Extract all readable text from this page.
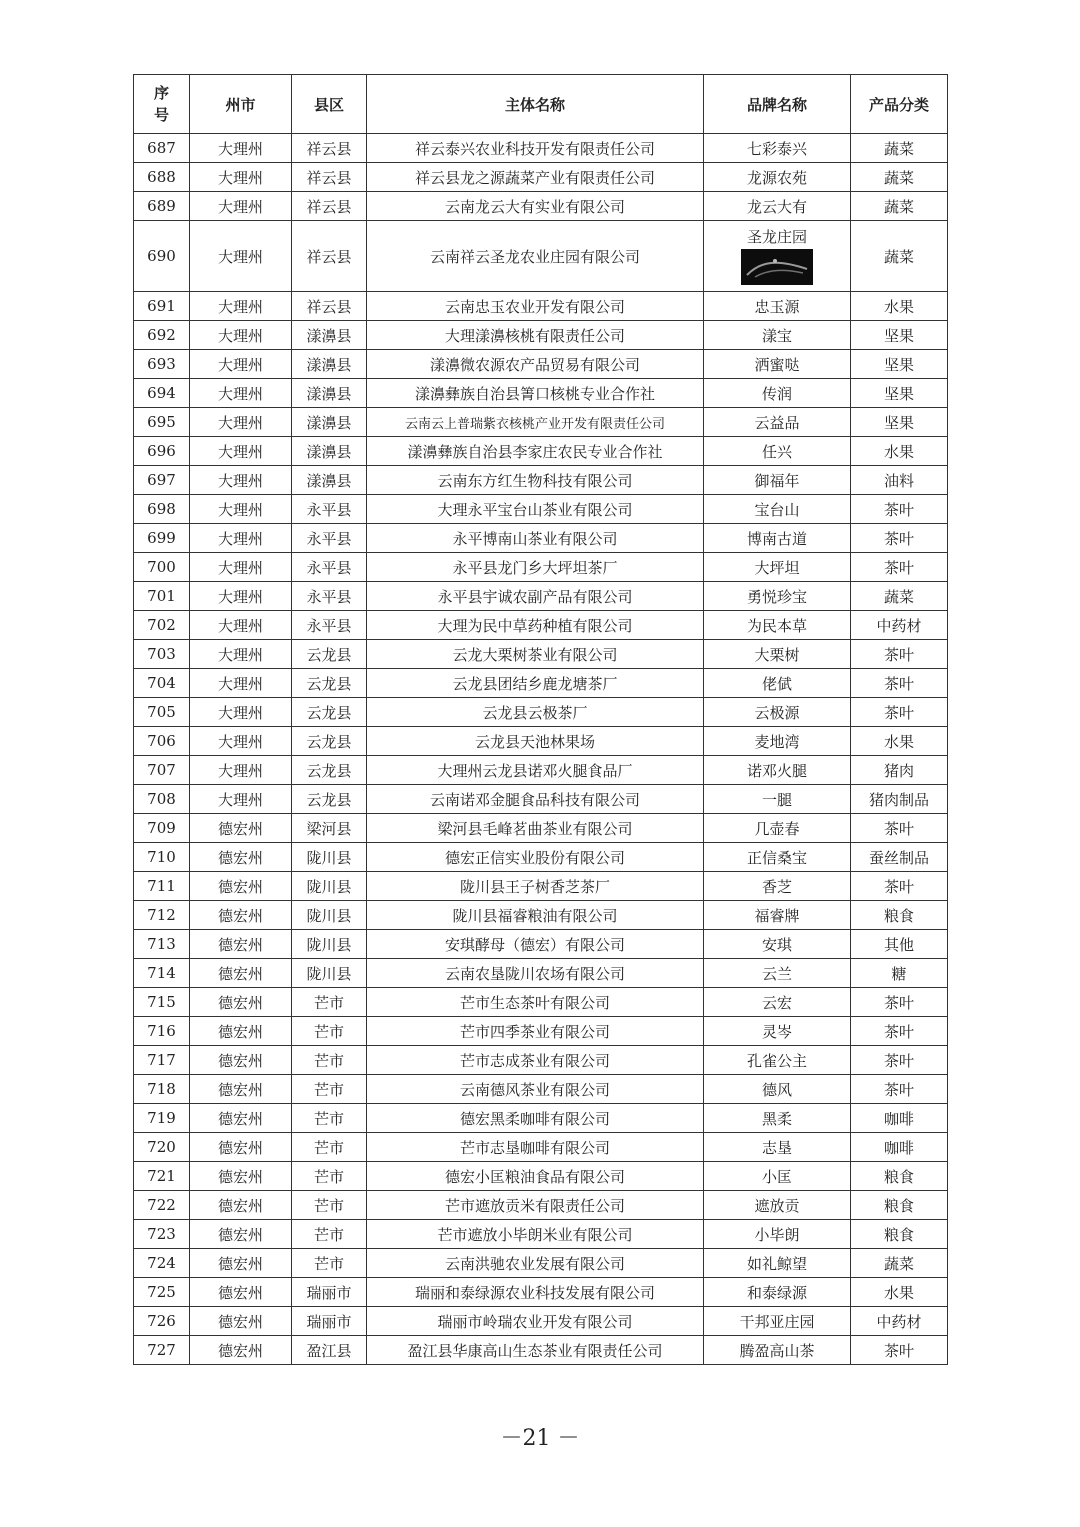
序号	州市	县区	主体名称	品牌名称	产品分类
687	大理州	祥云县	祥云泰兴农业科技开发有限责任公司	七彩泰兴	蔬菜
688	大理州	祥云县	祥云县龙之源蔬菜产业有限责任公司	龙源农苑	蔬菜
689	大理州	祥云县	云南龙云大有实业有限公司	龙云大有	蔬菜
690	大理州	祥云县	云南祥云圣龙农业庄园有限公司	圣龙庄园	蔬菜
691	大理州	祥云县	云南忠玉农业开发有限公司	忠玉源	水果
692	大理州	漾濞县	大理漾濞核桃有限责任公司	漾宝	坚果
693	大理州	漾濞县	漾濞微农源农产品贸易有限公司	洒蜜哒	坚果
694	大理州	漾濞县	漾濞彝族自治县箐口核桃专业合作社	传润	坚果
695	大理州	漾濞县	云南云上普瑞紫衣核桃产业开发有限责任公司	云益品	坚果
696	大理州	漾濞县	漾濞彝族自治县李家庄农民专业合作社	任兴	水果
697	大理州	漾濞县	云南东方红生物科技有限公司	御福年	油料
698	大理州	永平县	大理永平宝台山茶业有限公司	宝台山	茶叶
699	大理州	永平县	永平博南山茶业有限公司	博南古道	茶叶
700	大理州	永平县	永平县龙门乡大坪坦茶厂	大坪坦	茶叶
701	大理州	永平县	永平县宇诚农副产品有限公司	勇悦珍宝	蔬菜
702	大理州	永平县	大理为民中草药种植有限公司	为民本草	中药材
703	大理州	云龙县	云龙大栗树茶业有限公司	大栗树	茶叶
704	大理州	云龙县	云龙县团结乡鹿龙塘茶厂	佬倵	茶叶
705	大理州	云龙县	云龙县云极茶厂	云极源	茶叶
706	大理州	云龙县	云龙县天池林果场	麦地湾	水果
707	大理州	云龙县	大理州云龙县诺邓火腿食品厂	诺邓火腿	猪肉
708	大理州	云龙县	云南诺邓金腿食品科技有限公司	一腿	猪肉制品
709	德宏州	梁河县	梁河县毛峰茗曲茶业有限公司	几壶春	茶叶
710	德宏州	陇川县	德宏正信实业股份有限公司	正信桑宝	蚕丝制品
711	德宏州	陇川县	陇川县王子树香芝茶厂	香芝	茶叶
712	德宏州	陇川县	陇川县福睿粮油有限公司	福睿牌	粮食
713	德宏州	陇川县	安琪酵母（德宏）有限公司	安琪	其他
714	德宏州	陇川县	云南农垦陇川农场有限公司	云兰	糖
715	德宏州	芒市	芒市生态茶叶有限公司	云宏	茶叶
716	德宏州	芒市	芒市四季茶业有限公司	灵岑	茶叶
717	德宏州	芒市	芒市志成茶业有限公司	孔雀公主	茶叶
718	德宏州	芒市	云南德风茶业有限公司	德风	茶叶
719	德宏州	芒市	德宏黑柔咖啡有限公司	黑柔	咖啡
720	德宏州	芒市	芒市志垦咖啡有限公司	志垦	咖啡
721	德宏州	芒市	德宏小匡粮油食品有限公司	小匡	粮食
722	德宏州	芒市	芒市遮放贡米有限责任公司	遮放贡	粮食
723	德宏州	芒市	芒市遮放小毕朗米业有限公司	小毕朗	粮食
724	德宏州	芒市	云南洪驰农业发展有限公司	如礼鲸望	蔬菜
725	德宏州	瑞丽市	瑞丽和泰绿源农业科技发展有限公司	和泰绿源	水果
726	德宏州	瑞丽市	瑞丽市岭瑞农业开发有限公司	干邦亚庄园	中药材
727	德宏州	盈江县	盈江县华康高山生态茶业有限责任公司	腾盈高山茶	茶叶
－21 －
